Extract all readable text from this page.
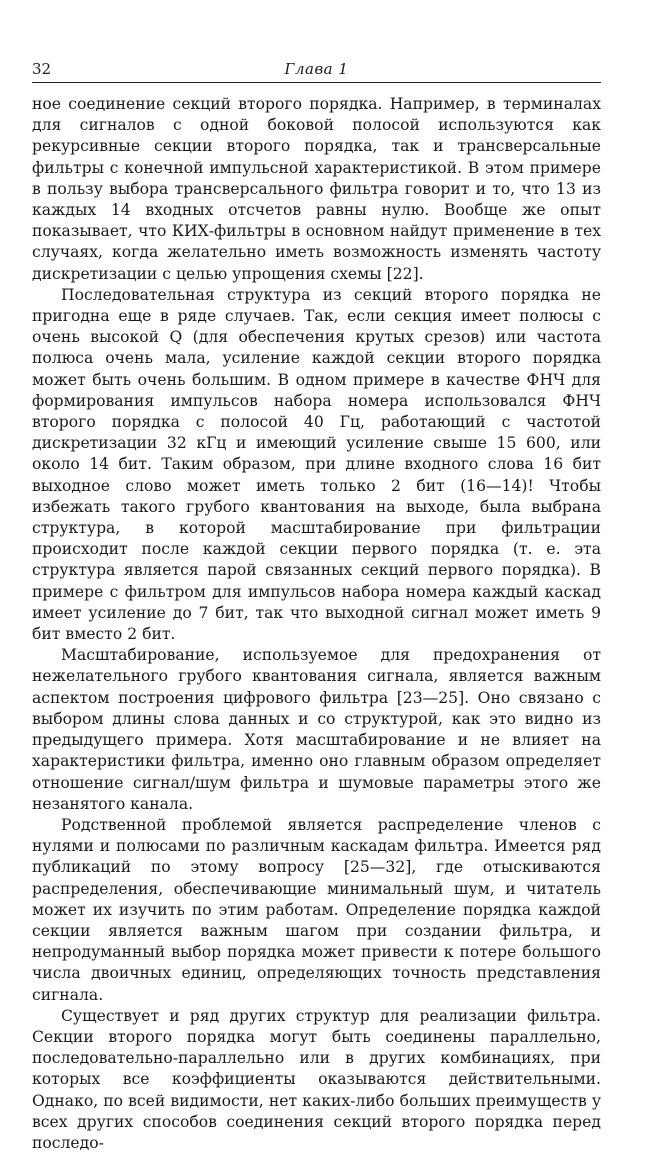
32	Глава 1

ное соединение секций второго порядка. Например, в терминалах для сигналов с одной боковой полосой используются как рекурсивные секции второго порядка, так и трансверсальные фильтры с конечной импульсной характеристикой. В этом примере в пользу выбора трансверсального фильтра говорит и то, что 13 из каждых 14 входных отсчетов равны нулю. Вообще же опыт показывает, что КИХ-фильтры в основном найдут применение в тех случаях, когда желательно иметь возможность изменять частоту дискретизации с целью упрощения схемы [22].

Последовательная структура из секций второго порядка не пригодна еще в ряде случаев. Так, если секция имеет полюсы с очень высокой Q (для обеспечения крутых срезов) или частота полюса очень мала, усиление каждой секции второго порядка может быть очень большим. В одном примере в качестве ФНЧ для формирования импульсов набора номера использовался ФНЧ второго порядка с полосой 40 Гц, работающий с частотой дискретизации 32 кГц и имеющий усиление свыше 15 600, или около 14 бит. Таким образом, при длине входного слова 16 бит выходное слово может иметь только 2 бит (16—14)! Чтобы избежать такого грубого квантования на выходе, была выбрана структура, в которой масштабирование при фильтрации происходит после каждой секции первого порядка (т. е. эта структура является парой связанных секций первого порядка). В примере с фильтром для импульсов набора номера каждый каскад имеет усиление до 7 бит, так что выходной сигнал может иметь 9 бит вместо 2 бит.

Масштабирование, используемое для предохранения от нежелательного грубого квантования сигнала, является важным аспектом построения цифрового фильтра [23—25]. Оно связано с выбором длины слова данных и со структурой, как это видно из предыдущего примера. Хотя масштабирование и не влияет на характеристики фильтра, именно оно главным образом определяет отношение сигнал/шум фильтра и шумовые параметры этого же незанятого канала.

Родственной проблемой является распределение членов с нулями и полюсами по различным каскадам фильтра. Имеется ряд публикаций по этому вопросу [25—32], где отыскиваются распределения, обеспечивающие минимальный шум, и читатель может их изучить по этим работам. Определение порядка каждой секции является важным шагом при создании фильтра, и непродуманный выбор порядка может привести к потере большого числа двоичных единиц, определяющих точность представления сигнала.

Существует и ряд других структур для реализации фильтра. Секции второго порядка могут быть соединены параллельно, последовательно-параллельно или в других комбинациях, при которых все коэффициенты оказываются действительными. Однако, по всей видимости, нет каких-либо больших преимуществ у всех других способов соединения секций второго порядка перед последо-
